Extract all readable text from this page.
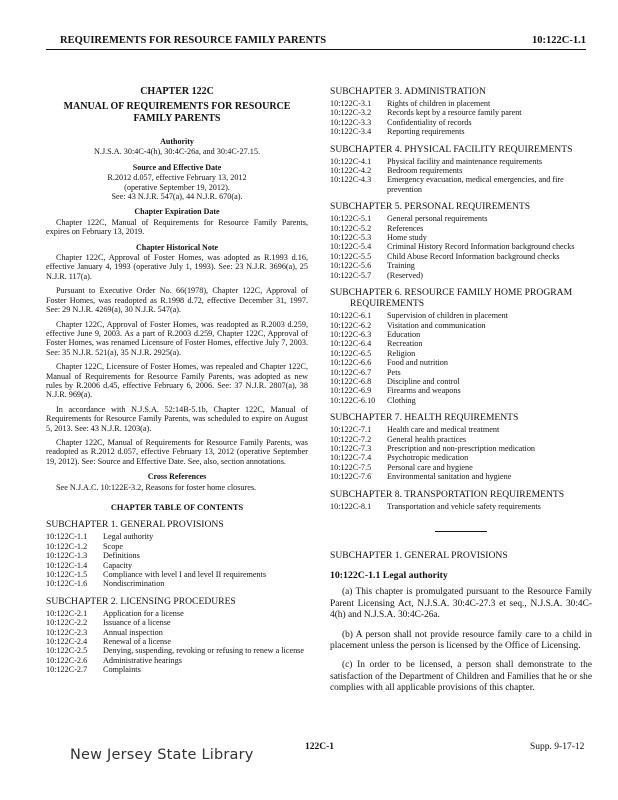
REQUIREMENTS FOR RESOURCE FAMILY PARENTS	10:122C-1.1
CHAPTER 122C
MANUAL OF REQUIREMENTS FOR RESOURCE FAMILY PARENTS
Authority
N.J.S.A. 30:4C-4(h), 30:4C-26a, and 30:4C-27.15.
Source and Effective Date
R.2012 d.057, effective February 13, 2012
(operative September 19, 2012).
See: 43 N.J.R. 547(a), 44 N.J.R. 670(a).
Chapter Expiration Date

Chapter 122C, Manual of Requirements for Resource Family Parents, expires on February 13, 2019.

Chapter Historical Note

Chapter 122C, Approval of Foster Homes, was adopted as R.1993 d.16, effective January 4, 1993 (operative July 1, 1993). See: 23 N.J.R. 3696(a), 25 N.J.R. 117(a).

Pursuant to Executive Order No. 66(1978), Chapter 122C, Approval of Foster Homes, was readopted as R.1998 d.72, effective December 31, 1997. See: 29 N.J.R. 4269(a), 30 N.J.R. 547(a).

Chapter 122C, Approval of Foster Homes, was readopted as R.2003 d.259, effective June 9, 2003. As a part of R.2003 d.259, Chapter 122C, Approval of Foster Homes, was renamed Licensure of Foster Homes, effective July 7, 2003. See: 35 N.J.R. 521(a), 35 N.J.R. 2925(a).

Chapter 122C, Licensure of Foster Homes, was repealed and Chapter 122C, Manual of Requirements for Resource Family Parents, was adopted as new rules by R.2006 d.45, effective February 6, 2006. See: 37 N.J.R. 2807(a), 38 N.J.R. 969(a).

In accordance with N.J.S.A. 52:14B-5.1b, Chapter 122C, Manual of Requirements for Resource Family Parents, was scheduled to expire on August 5, 2013. See: 43 N.J.R. 1203(a).

Chapter 122C, Manual of Requirements for Resource Family Parents, was readopted as R.2012 d.057, effective February 13, 2012 (operative September 19, 2012). See: Source and Effective Date. See, also, section annotations.

Cross References

See N.J.A.C. 10:122E-3.2, Reasons for foster home closures.

CHAPTER TABLE OF CONTENTS
SUBCHAPTER 1. GENERAL PROVISIONS
10:122C-1.1	Legal authority
10:122C-1.2	Scope
10:122C-1.3	Definitions
10:122C-1.4	Capacity
10:122C-1.5	Compliance with level I and level II requirements
10:122C-1.6	Nondiscrimination
SUBCHAPTER 2. LICENSING PROCEDURES
10:122C-2.1	Application for a license
10:122C-2.2	Issuance of a license
10:122C-2.3	Annual inspection
10:122C-2.4	Renewal of a license
10:122C-2.5	Denying, suspending, revoking or refusing to renew a license
10:122C-2.6	Administrative hearings
10:122C-2.7	Complaints
SUBCHAPTER 3. ADMINISTRATION
10:122C-3.1	Rights of children in placement
10:122C-3.2	Records kept by a resource family parent
10:122C-3.3	Confidentiality of records
10:122C-3.4	Reporting requirements
SUBCHAPTER 4. PHYSICAL FACILITY REQUIREMENTS
10:122C-4.1	Physical facility and maintenance requirements
10:122C-4.2	Bedroom requirements
10:122C-4.3	Emergency evacuation, medical emergencies, and fire prevention
SUBCHAPTER 5. PERSONAL REQUIREMENTS
10:122C-5.1	General personal requirements
10:122C-5.2	References
10:122C-5.3	Home study
10:122C-5.4	Criminal History Record Information background checks
10:122C-5.5	Child Abuse Record Information background checks
10:122C-5.6	Training
10:122C-5.7	(Reserved)
SUBCHAPTER 6. RESOURCE FAMILY HOME PROGRAM
REQUIREMENTS
10:122C-6.1	Supervision of children in placement
10:122C-6.2	Visitation and communication
10:122C-6.3	Education
10:122C-6.4	Recreation
10:122C-6.5	Religion
10:122C-6.6	Food and nutrition
10:122C-6.7	Pets
10:122C-6.8	Discipline and control
10:122C-6.9	Firearms and weapons
10:122C-6.10	Clothing
SUBCHAPTER 7. HEALTH REQUIREMENTS
10:122C-7.1	Health care and medical treatment
10:122C-7.2	General health practices
10:122C-7.3	Prescription and non-prescription medication
10:122C-7.4	Psychotropic medication
10:122C-7.5	Personal care and hygiene
10:122C-7.6	Environmental sanitation and hygiene
SUBCHAPTER 8. TRANSPORTATION REQUIREMENTS
10:122C-8.1	Transportation and vehicle safety requirements
SUBCHAPTER 1. GENERAL PROVISIONS
10:122C-1.1 Legal authority

(a) This chapter is promulgated pursuant to the Resource Family Parent Licensing Act, N.J.S.A. 30:4C-27.3 et seq., N.J.S.A. 30:4C-4(h) and N.J.S.A. 30:4C-26a.

(b) A person shall not provide resource family care to a child in placement unless the person is licensed by the Office of Licensing.

(c) In order to be licensed, a person shall demonstrate to the satisfaction of the Department of Children and Families that he or she complies with all applicable provisions of this chapter.

New Jersey State Library	122C-1	Supp. 9-17-12
